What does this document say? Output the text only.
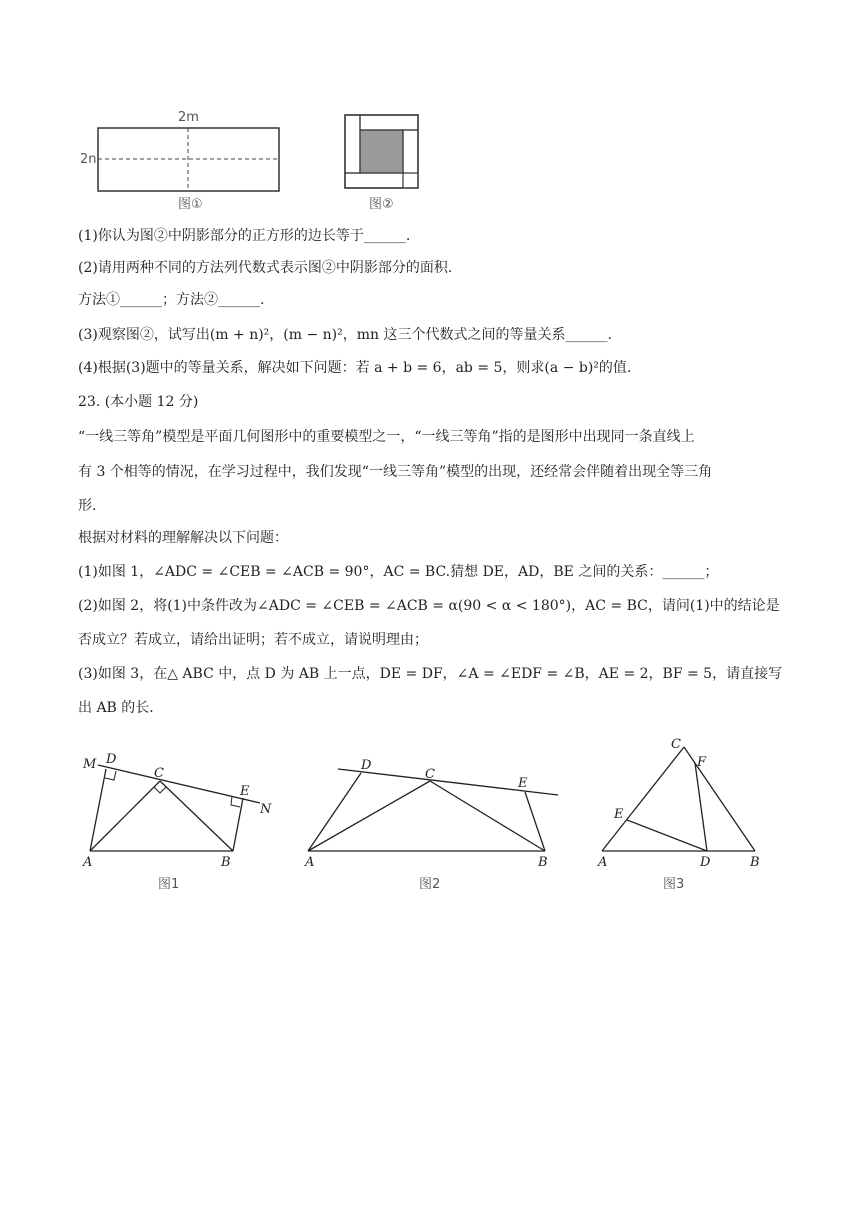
2m
2n
图①	图②
(1)你认为图②中阴影部分的正方形的边长等于______.
(2)请用两种不同的方法列代数式表示图②中阴影部分的面积.
方法①______；方法②______.
(3)观察图②，试写出(m + n)²，(m − n)²，mn 这三个代数式之间的等量关系______.
(4)根据(3)题中的等量关系，解决如下问题：若 a + b = 6，ab = 5，则求(a − b)²的值.
23. (本小题 12 分)
“一线三等角”模型是平面几何图形中的重要模型之一，“一线三等角”指的是图形中出现同一条直线上
有 3 个相等的情况，在学习过程中，我们发现“一线三等角”模型的出现，还经常会伴随着出现全等三角
形.
根据对材料的理解解决以下问题：
(1)如图 1，∠ADC = ∠CEB = ∠ACB = 90°，AC = BC.猜想 DE，AD，BE 之间的关系：______；
(2)如图 2，将(1)中条件改为∠ADC = ∠CEB = ∠ACB = α(90 < α < 180°)，AC = BC，请问(1)中的结论是
否成立？若成立，请给出证明；若不成立，请说明理由；
(3)如图 3，在△ ABC 中，点 D 为 AB 上一点，DE = DF，∠A = ∠EDF = ∠B，AE = 2，BF = 5，请直接写
出 AB 的长.
M D
C
E
N
A	B
图1
D
C
E
A	B
图2
C
F
E
A	D	B
图3
